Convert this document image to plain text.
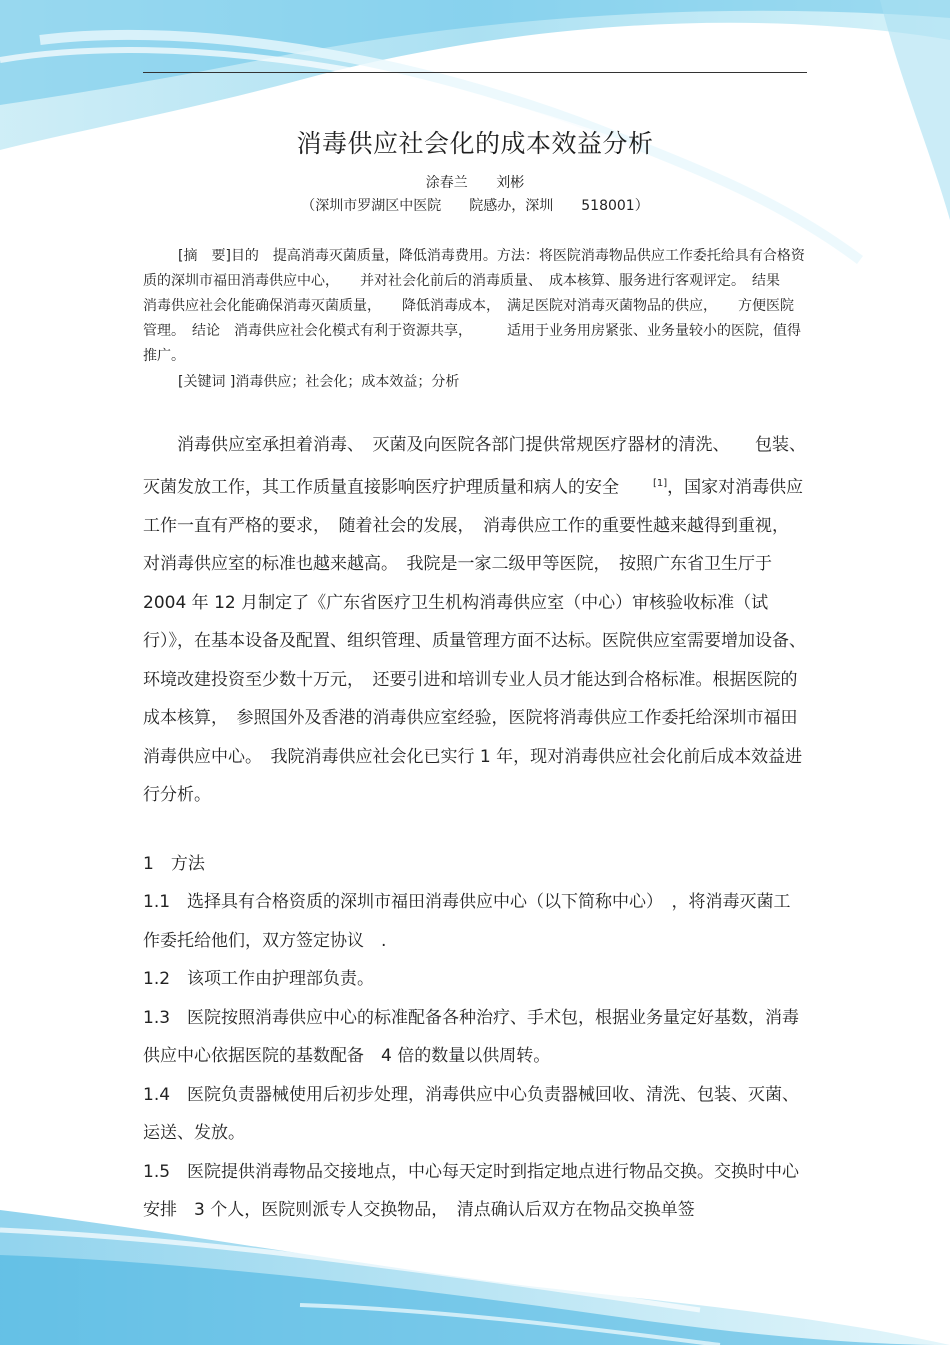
消毒供应社会化的成本效益分析
涂春兰 刘彬
（深圳市罗湖区中医院　　院感办，深圳　　518001）

[摘　要]目的　提高消毒灭菌质量，降低消毒费用。方法：将医院消毒物品供应工作委托给具有合格资质的深圳市福田消毒供应中心，　　并对社会化前后的消毒质量、　成本核算、服务进行客观评定。　结果　消毒供应社会化能确保消毒灭菌质量，　　降低消毒成本，　满足医院对消毒灭菌物品的供应，　　方便医院管理。　结论　消毒供应社会化模式有利于资源共享，　　　适用于业务用房紧张、业务量较小的医院，值得推广。

[关键词 ]消毒供应；社会化；成本效益；分析

消毒供应室承担着消毒、　灭菌及向医院各部门提供常规医疗器材的清洗、　　包装、灭菌发放工作，其工作质量直接影响医疗护理质量和病人的安全　　[1]，国家对消毒供应工作一直有严格的要求，　随着社会的发展，　消毒供应工作的重要性越来越得到重视，　对消毒供应室的标准也越来越高。　我院是一家二级甲等医院，　按照广东省卫生厅于　2004 年 12 月制定了《广东省医疗卫生机构消毒供应室（中心）审核验收标准（试行）》，在基本设备及配置、组织管理、质量管理方面不达标。医院供应室需要增加设备、　环境改建投资至少数十万元，　还要引进和培训专业人员才能达到合格标准。根据医院的成本核算，　参照国外及香港的消毒供应室经验，医院将消毒供应工作委托给深圳市福田消毒供应中心。　我院消毒供应社会化已实行 1 年，现对消毒供应社会化前后成本效益进行分析。

1　方法

1.1　选择具有合格资质的深圳市福田消毒供应中心（以下简称中心）　，将消毒灭菌工作委托给他们，双方签定协议　.

1.2　该项工作由护理部负责。

1.3　医院按照消毒供应中心的标准配备各种治疗、手术包，根据业务量定好基数，消毒供应中心依据医院的基数配备　4 倍的数量以供周转。

1.4　医院负责器械使用后初步处理，消毒供应中心负责器械回收、清洗、包装、灭菌、运送、发放。

1.5　医院提供消毒物品交接地点，中心每天定时到指定地点进行物品交换。交换时中心安排　3 个人，医院则派专人交换物品，　清点确认后双方在物品交换单签
